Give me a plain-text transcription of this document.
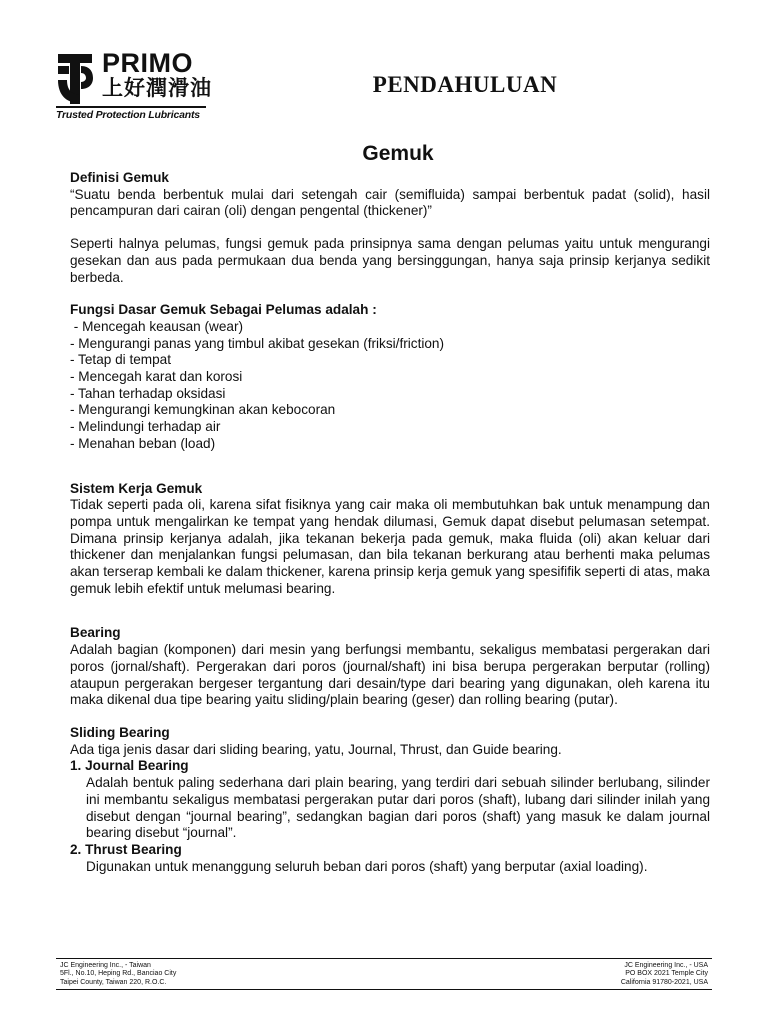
PRIMO
上好潤滑油
Trusted Protection Lubricants
PENDAHULUAN
Gemuk

Definisi Gemuk

“Suatu benda berbentuk mulai dari setengah cair (semifluida) sampai berbentuk padat (solid), hasil pencampuran dari cairan (oli) dengan pengental (thickener)”

Seperti halnya pelumas, fungsi gemuk pada prinsipnya sama dengan pelumas yaitu untuk mengurangi gesekan dan aus pada permukaan dua benda yang bersinggungan, hanya saja prinsip kerjanya sedikit berbeda.

Fungsi Dasar Gemuk Sebagai Pelumas adalah :

- Mencegah keausan (wear)
- Mengurangi panas yang timbul akibat gesekan (friksi/friction)
- Tetap di tempat
- Mencegah karat dan korosi
- Tahan terhadap oksidasi
- Mengurangi kemungkinan akan kebocoran
- Melindungi terhadap air
- Menahan beban (load)

Sistem Kerja Gemuk

Tidak seperti pada oli, karena sifat fisiknya yang cair maka oli membutuhkan bak untuk menampung dan pompa untuk mengalirkan ke tempat yang hendak dilumasi, Gemuk dapat disebut pelumasan setempat. Dimana prinsip kerjanya adalah, jika tekanan bekerja pada gemuk, maka fluida (oli) akan keluar dari thickener dan menjalankan fungsi pelumasan, dan bila tekanan berkurang atau berhenti maka pelumas akan terserap kembali ke dalam thickener, karena prinsip kerja gemuk yang spesififik seperti di atas, maka gemuk lebih efektif untuk melumasi bearing.

Bearing

Adalah bagian (komponen) dari mesin yang berfungsi membantu, sekaligus membatasi pergerakan dari poros (jornal/shaft). Pergerakan dari poros (journal/shaft) ini bisa berupa pergerakan berputar (rolling) ataupun pergerakan bergeser tergantung dari desain/type dari bearing yang digunakan, oleh karena itu maka dikenal dua tipe bearing yaitu sliding/plain bearing (geser) dan rolling bearing (putar).

Sliding Bearing

Ada tiga jenis dasar dari sliding bearing, yatu, Journal, Thrust, dan Guide bearing.

1. Journal Bearing

Adalah bentuk paling sederhana dari plain bearing, yang terdiri dari sebuah silinder berlubang, silinder ini membantu sekaligus membatasi pergerakan putar dari poros (shaft), lubang dari silinder inilah yang disebut dengan “journal bearing”, sedangkan bagian dari poros (shaft) yang masuk ke dalam journal bearing disebut “journal”.

2. Thrust Bearing

Digunakan untuk menanggung seluruh beban dari poros (shaft) yang berputar (axial loading).

JC Engineering Inc., - Taiwan
5Fl., No.10, Heping Rd., Banciao City
Taipei County, Taiwan 220, R.O.C.
JC Engineering Inc., - USA
PO BOX 2021 Temple City
California 91780-2021, USA
